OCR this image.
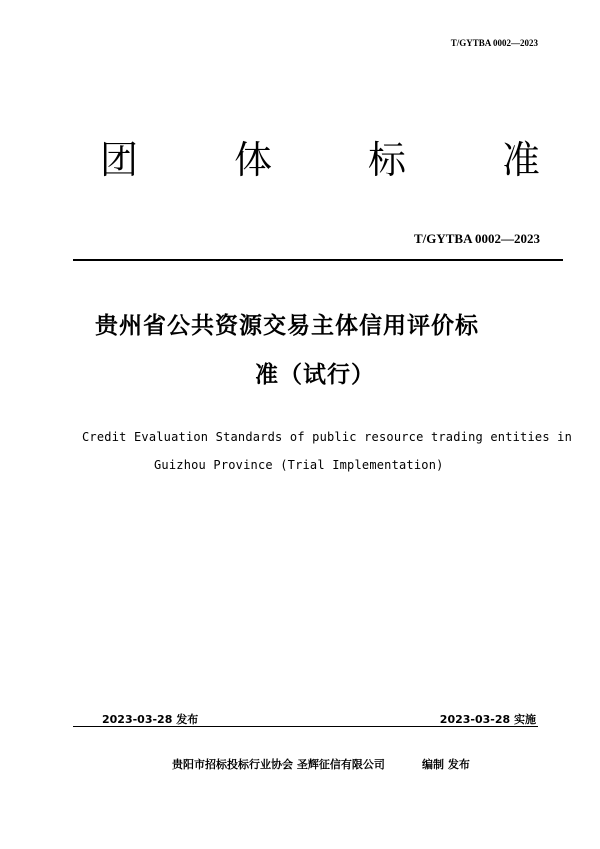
T/GYTBA 0002—2023
团	体	标	准
T/GYTBA 0002—2023
贵州省公共资源交易主体信用评价标
准（试行）
Credit Evaluation Standards of public resource trading entities in
Guizhou Province (Trial Implementation)
2023-03-28 发布	2023-03-28 实施
贵阳市招标投标行业协会 圣辉征信有限公司	编制 发布
